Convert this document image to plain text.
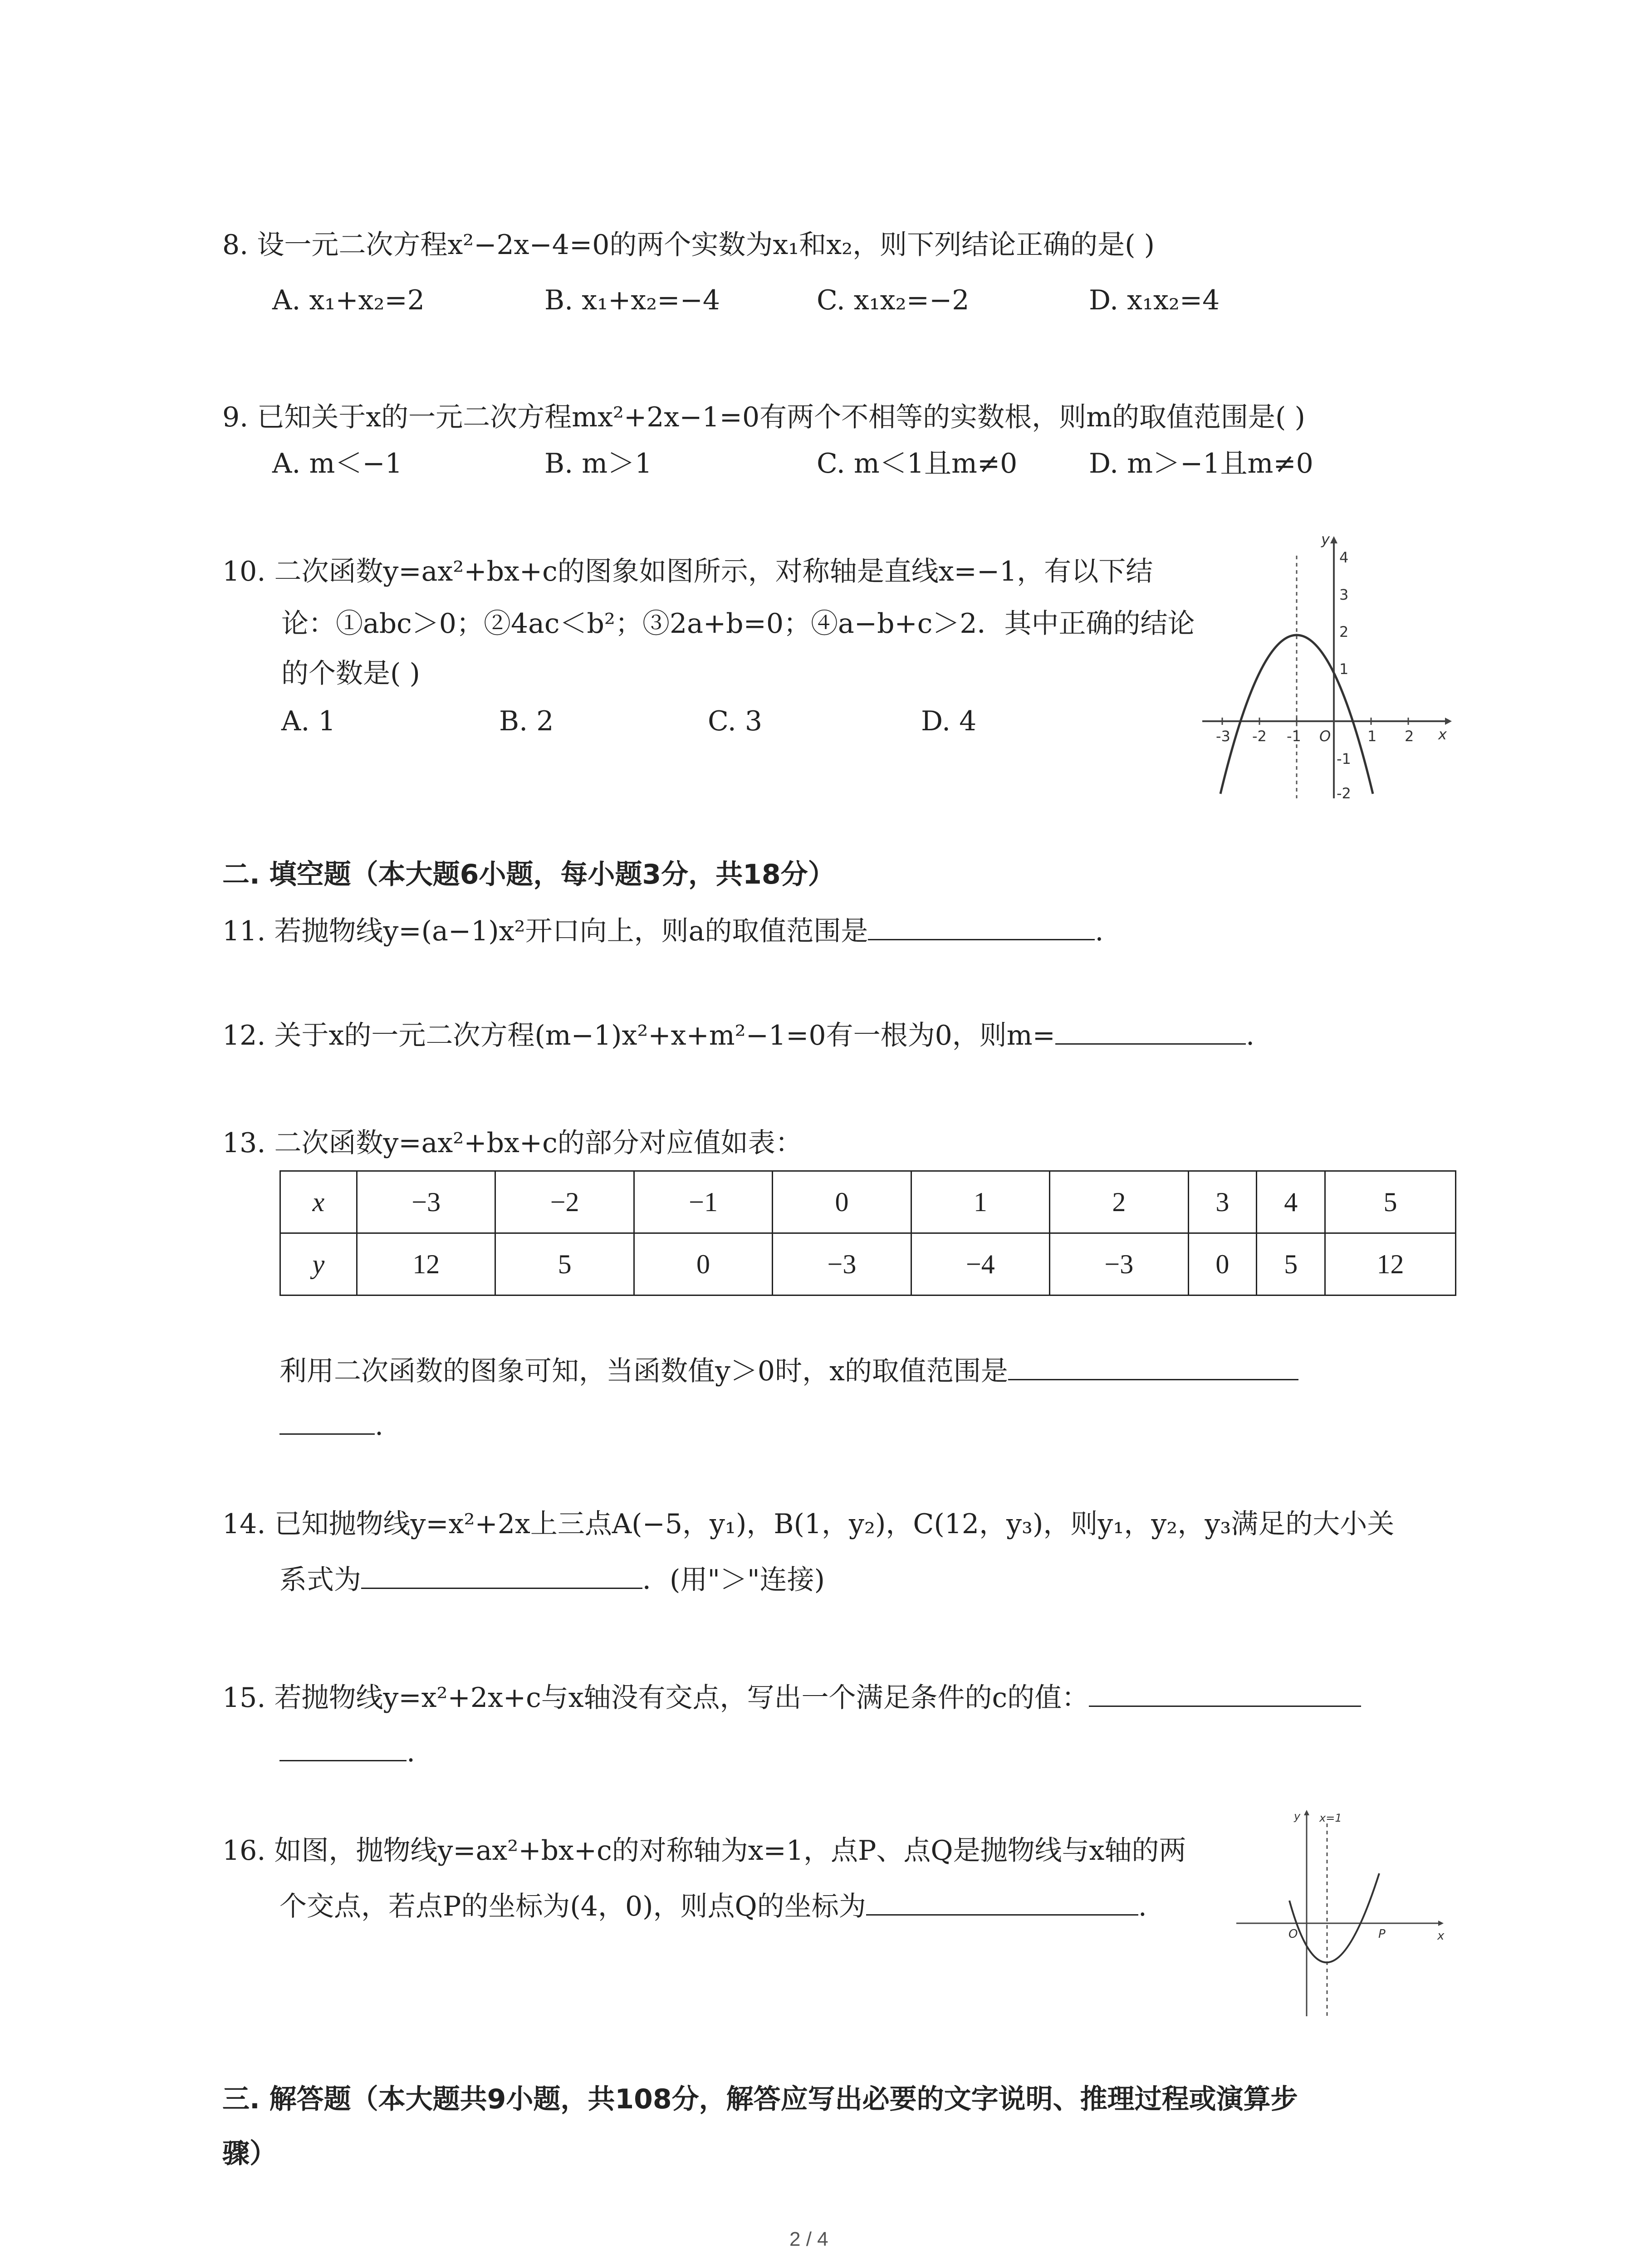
8. 设一元二次方程x²−2x−4=0的两个实数为x₁和x₂，则下列结论正确的是( )
A. x₁+x₂=2	B. x₁+x₂=−4	C. x₁x₂=−2	D. x₁x₂=4
9. 已知关于x的一元二次方程mx²+2x−1=0有两个不相等的实数根，则m的取值范围是( )
A. m＜−1	B. m＞1	C. m＜1且m≠0	D. m＞−1且m≠0
10. 二次函数y=ax²+bx+c的图象如图所示，对称轴是直线x=−1，有以下结
论：①abc＞0；②4ac＜b²；③2a+b=0；④a−b+c＞2．其中正确的结论
的个数是( )
A. 1	B. 2	C. 3	D. 4	-3 -2 -1 O	1 2 x
4
3
2
1
-1
-2
y
二. 填空题（本大题6小题，每小题3分，共18分）
11. 若抛物线y=(a−1)x²开口向上，则a的取值范围是	.
12. 关于x的一元二次方程(m−1)x²+x+m²−1=0有一根为0，则m=	.
13. 二次函数y=ax²+bx+c的部分对应值如表：
x	−3	−2	−1	0	1	2	3	4	5
y	12	5	0	−3	−4	−3	0	5	12
利用二次函数的图象可知，当函数值y＞0时，x的取值范围是
.
14. 已知抛物线y=x²+2x上三点A(−5，y₁)，B(1，y₂)，C(12，y₃)，则y₁，y₂，y₃满足的大小关
系式为	．(用"＞"连接)
15. 若抛物线y=x²+2x+c与x轴没有交点，写出一个满足条件的c的值：
.
16. 如图，抛物线y=ax²+bx+c的对称轴为x=1，点P、点Q是抛物线与x轴的两
个交点，若点P的坐标为(4，0)，则点Q的坐标为	.
y x=1
O	P	x
三. 解答题（本大题共9小题，共108分，解答应写出必要的文字说明、推理过程或演算步
骤）
2 / 4
